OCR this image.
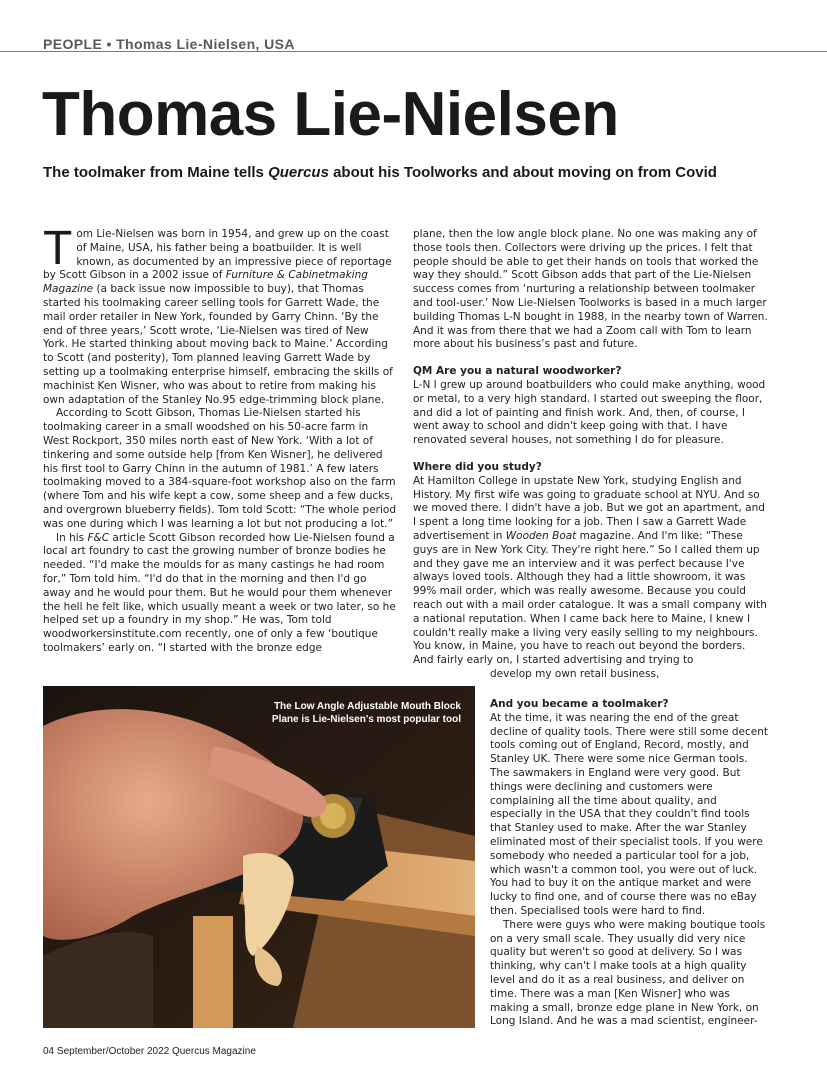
PEOPLE • Thomas Lie-Nielsen, USA
Thomas Lie-Nielsen

The toolmaker from Maine tells Quercus about his Toolworks and about moving on from Covid

Tom Lie-Nielsen was born in 1954, and grew up on the coast of Maine, USA, his father being a boatbuilder. It is well known, as documented by an impressive piece of reportage by Scott Gibson in a 2002 issue of Furniture & Cabinetmaking Magazine (a back issue now impossible to buy), that Thomas started his toolmaking career selling tools for Garrett Wade, the mail order retailer in New York, founded by Garry Chinn. ‘By the end of three years,’ Scott wrote, ‘Lie-Nielsen was tired of New York. He started thinking about moving back to Maine.’ According to Scott (and posterity), Tom planned leaving Garrett Wade by setting up a toolmaking enterprise himself, embracing the skills of machinist Ken Wisner, who was about to retire from making his own adaptation of the Stanley No.95 edge-trimming block plane.

According to Scott Gibson, Thomas Lie-Nielsen started his toolmaking career in a small woodshed on his 50-acre farm in West Rockport, 350 miles north east of New York. ‘With a lot of tinkering and some outside help [from Ken Wisner], he delivered his first tool to Garry Chinn in the autumn of 1981.’ A few laters toolmaking moved to a 384-square-foot workshop also on the farm (where Tom and his wife kept a cow, some sheep and a few ducks, and overgrown blueberry fields). Tom told Scott: “The whole period was one during which I was learning a lot but not producing a lot.”

In his F&C article Scott Gibson recorded how Lie-Nielsen found a local art foundry to cast the growing number of bronze bodies he needed. “I'd make the moulds for as many castings he had room for,” Tom told him. “I'd do that in the morning and then I'd go away and he would pour them. But he would pour them whenever the hell he felt like, which usually meant a week or two later, so he helped set up a foundry in my shop.” He was, Tom told woodworkersinstitute.com recently, one of only a few ‘boutique toolmakers’ early on. “I started with the bronze edge

plane, then the low angle block plane. No one was making any of those tools then. Collectors were driving up the prices. I felt that people should be able to get their hands on tools that worked the way they should.” Scott Gibson adds that part of the Lie-Nielsen success comes from ‘nurturing a relationship between toolmaker and tool-user.’ Now Lie-Nielsen Toolworks is based in a much larger building Thomas L-N bought in 1988, in the nearby town of Warren. And it was from there that we had a Zoom call with Tom to learn more about his business’s past and future.

QM Are you a natural woodworker?

L-N I grew up around boatbuilders who could make anything, wood or metal, to a very high standard. I started out sweeping the floor, and did a lot of painting and finish work. And, then, of course, I went away to school and didn't keep going with that. I have renovated several houses, not something I do for pleasure.

Where did you study?

At Hamilton College in upstate New York, studying English and History. My first wife was going to graduate school at NYU. And so we moved there. I didn't have a job. But we got an apartment, and I spent a long time looking for a job. Then I saw a Garrett Wade advertisement in Wooden Boat magazine. And I'm like: “These guys are in New York City. They're right here.” So I called them up and they gave me an interview and it was perfect because I've always loved tools. Although they had a little showroom, it was 99% mail order, which was really awesome. Because you could reach out with a mail order catalogue. It was a small company with a national reputation. When I came back here to Maine, I knew I couldn't really make a living very easily selling to my neighbours. You know, in Maine, you have to reach out beyond the borders. And fairly early on, I started advertising and trying to

develop my own retail business,

And you became a toolmaker?

At the time, it was nearing the end of the great decline of quality tools. There were still some decent tools coming out of England, Record, mostly, and Stanley UK. There were some nice German tools. The sawmakers in England were very good. But things were declining and customers were complaining all the time about quality, and especially in the USA that they couldn't find tools that Stanley used to make. After the war Stanley eliminated most of their specialist tools. If you were somebody who needed a particular tool for a job, which wasn't a common tool, you were out of luck. You had to buy it on the antique market and were lucky to find one, and of course there was no eBay then. Specialised tools were hard to find.

There were guys who were making boutique tools on a very small scale. They usually did very nice quality but weren't so good at delivery. So I was thinking, why can't I make tools at a high quality level and do it as a real business, and deliver on time. There was a man [Ken Wisner] who was making a small, bronze edge plane in New York, on Long Island. And he was a mad scientist, engineer-

The Low Angle Adjustable Mouth Block Plane is Lie-Nielsen's most popular tool
04 September/October 2022 Quercus Magazine
